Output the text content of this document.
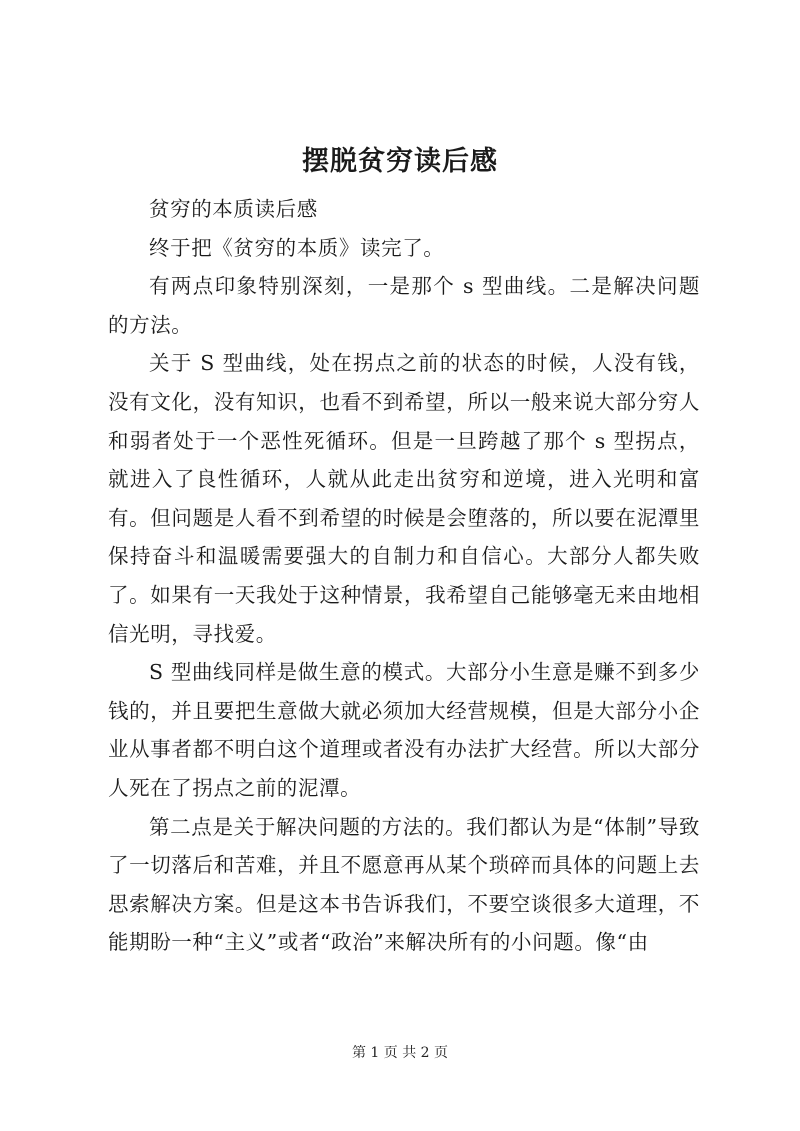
摆脱贫穷读后感

贫穷的本质读后感

终于把《贫穷的本质》读完了。

有两点印象特别深刻，一是那个 s 型曲线。二是解决问题的方法。

关于 S 型曲线，处在拐点之前的状态的时候，人没有钱，没有文化，没有知识，也看不到希望，所以一般来说大部分穷人和弱者处于一个恶性死循环。但是一旦跨越了那个 s 型拐点，就进入了良性循环，人就从此走出贫穷和逆境，进入光明和富有。但问题是人看不到希望的时候是会堕落的，所以要在泥潭里保持奋斗和温暖需要强大的自制力和自信心。大部分人都失败了。如果有一天我处于这种情景，我希望自己能够毫无来由地相信光明，寻找爱。

S 型曲线同样是做生意的模式。大部分小生意是赚不到多少钱的，并且要把生意做大就必须加大经营规模，但是大部分小企业从事者都不明白这个道理或者没有办法扩大经营。所以大部分人死在了拐点之前的泥潭。

第二点是关于解决问题的方法的。我们都认为是“体制”导致了一切落后和苦难，并且不愿意再从某个琐碎而具体的问题上去思索解决方案。但是这本书告诉我们，不要空谈很多大道理，不能期盼一种“主义”或者“政治”来解决所有的小问题。像“由

第 1 页 共 2 页
